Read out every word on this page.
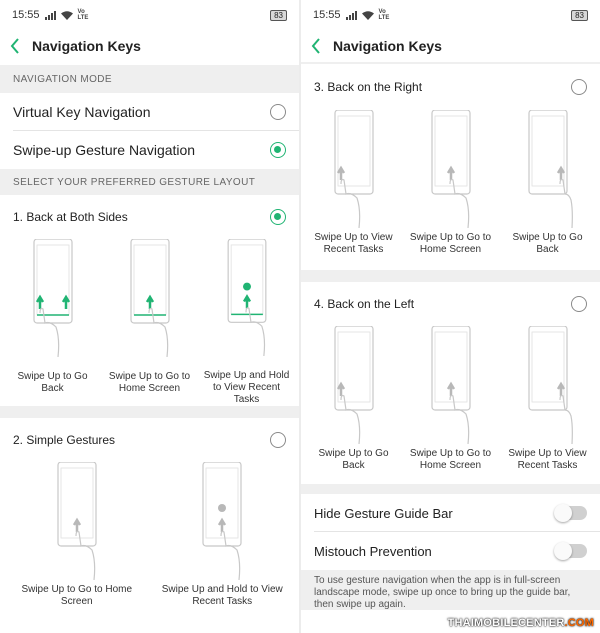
15:55	Vo
LTE	83
Navigation Keys
NAVIGATION MODE
Virtual Key Navigation
Swipe-up Gesture Navigation
SELECT YOUR PREFERRED GESTURE LAYOUT
1. Back at Both Sides
Swipe Up to Go Back
Swipe Up to Go to Home Screen
Swipe Up and Hold to View Recent Tasks
2. Simple Gestures
Swipe Up to Go to Home Screen
Swipe Up and Hold to View Recent Tasks
15:55	Vo
LTE	83
Navigation Keys
3. Back on the Right
Swipe Up to View Recent Tasks
Swipe Up to Go to Home Screen
Swipe Up to Go Back
4. Back on the Left
Swipe Up to Go Back
Swipe Up to Go to Home Screen
Swipe Up to View Recent Tasks
Hide Gesture Guide Bar
Mistouch Prevention
To use gesture navigation when the app is in full-screen landscape mode, swipe up once to bring up the guide bar, then swipe up again.
THAIMOBILECENTER.COM
